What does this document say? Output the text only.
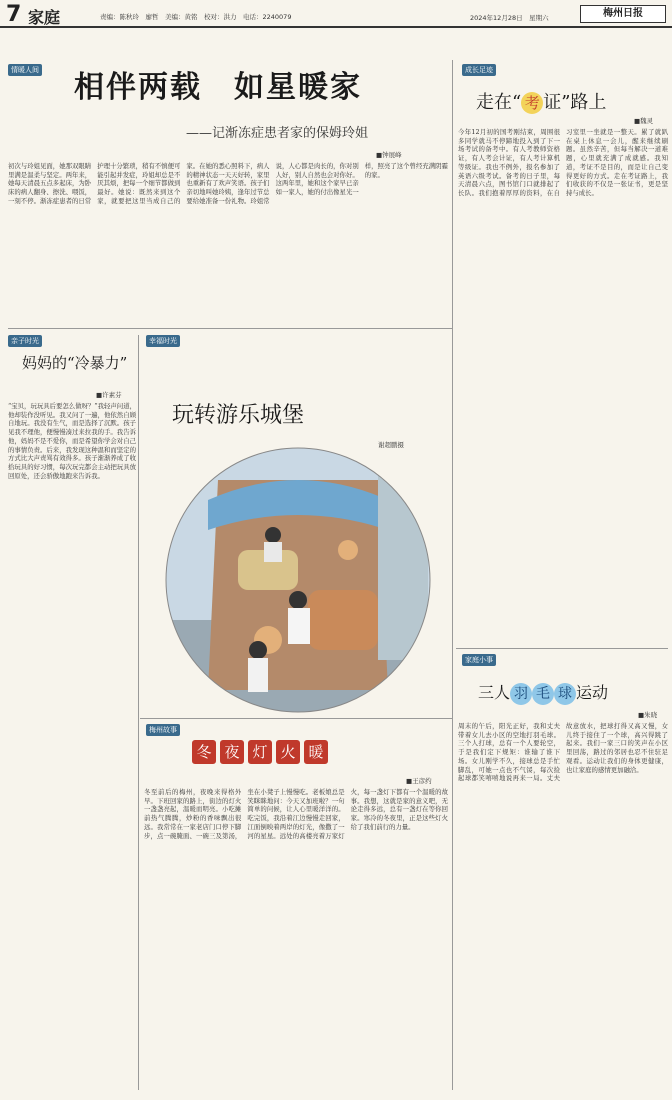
7 家庭	责编：陈秋玲　廖哲　美编：黄铭　校对：洪力　电话：2240079	2024年12月28日　星期六	梅州日报
情暖人间 相伴两载　如星暖家
——记渐冻症患者家的保姆玲姐
■钟展峰
初次与玲姐见面，她那双眼睛里满是温柔与坚定。两年来，她每天清晨五点多起床，为卧床的病人翻身、擦洗、喂饭，一刻不停。渐冻症患者的日常护理十分繁琐，稍有不慎便可能引起并发症，玲姐却总是不厌其烦，把每一个细节都做到最好。她说：既然来到这个家，就要把这里当成自己的家。在她的悉心照料下，病人的精神状态一天天好转，家里也重新有了欢声笑语。孩子们亲切地叫她玲姨，逢年过节总要给她准备一份礼物。玲姐常说，人心都是肉长的，你对别人好，别人自然也会对你好。这两年里，她和这个家早已亲如一家人，她的付出像星光一样，照亮了这个曾经充满阴霾的家。
亲子时光
妈妈的“冷暴力”
■许素芬
“宝贝，玩玩具后要怎么做呀？”我轻声问道，他却装作没听见。我又问了一遍，他依然自顾自地玩。我没有生气，而是选择了沉默。孩子见我不理他，便慢慢凑过来拉我的手。我告诉他，妈妈不是不爱你，而是希望你学会对自己的事情负责。后来，我发现这种温和而坚定的方式比大声责骂有效得多。孩子渐渐养成了收拾玩具的好习惯，每次玩完都会主动把玩具放回原处，还会骄傲地跑来告诉我。
幸福时光
玩转游乐城堡
谢超鹏摄
成长足迹
走在“ 考 证”路上
■魏灵
今年12月初的国考刚结束，周围很多同学就马不停蹄地投入到了下一场考试的备考中。有人考教师资格证，有人考会计证，有人考计算机等级证。我也不例外，报名参加了英语六级考试。备考的日子里，每天清晨六点，图书馆门口就排起了长队。我们抱着厚厚的资料，在自习室里一坐就是一整天。累了就趴在桌上休息一会儿，醒来继续刷题。虽然辛苦，但每当解决一道难题，心里就充满了成就感。我知道，考证不是目的，而是让自己变得更好的方式。走在考证路上，我们收获的不仅是一张证书，更是坚持与成长。
家庭小事
三人 羽 毛 球 运动
■朱晓
周末的午后，阳光正好，我和丈夫带着女儿去小区的空地打羽毛球。三个人打球，总有一个人要轮空，于是我们定下规矩：谁输了谁下场。女儿刚学不久，接球总是手忙脚乱，可她一点也不气馁，每次捡起球都笑嘻嘻地说再来一局。丈夫故意放水，把球打得又高又慢，女儿终于接住了一个球，高兴得跳了起来。我们一家三口的笑声在小区里回荡，路过的邻居也忍不住驻足观看。运动让我们的身体更健康，也让家庭的感情更加融洽。
梅州故事
冬 夜 灯 火 暖
■王彦约
冬至前后的梅州，夜晚来得格外早。下班回家的路上，街边的灯火一盏盏亮起，温暖而明亮。小吃摊前热气腾腾，炒粉的香味飘出很远。我常常在一家老店门口停下脚步，点一碗腌面、一碗三及第汤，坐在小凳子上慢慢吃。老板娘总是笑眯眯地问：今天又加班啦？一句简单的问候，让人心里暖洋洋的。吃完饭，我沿着江边慢慢走回家，江面倒映着两岸的灯光，像撒了一河的星星。远处的高楼亮着万家灯火，每一盏灯下都有一个温暖的故事。我想，这就是家的意义吧，无论走得多远，总有一盏灯在等你回家。寒冷的冬夜里，正是这些灯火给了我们前行的力量。
